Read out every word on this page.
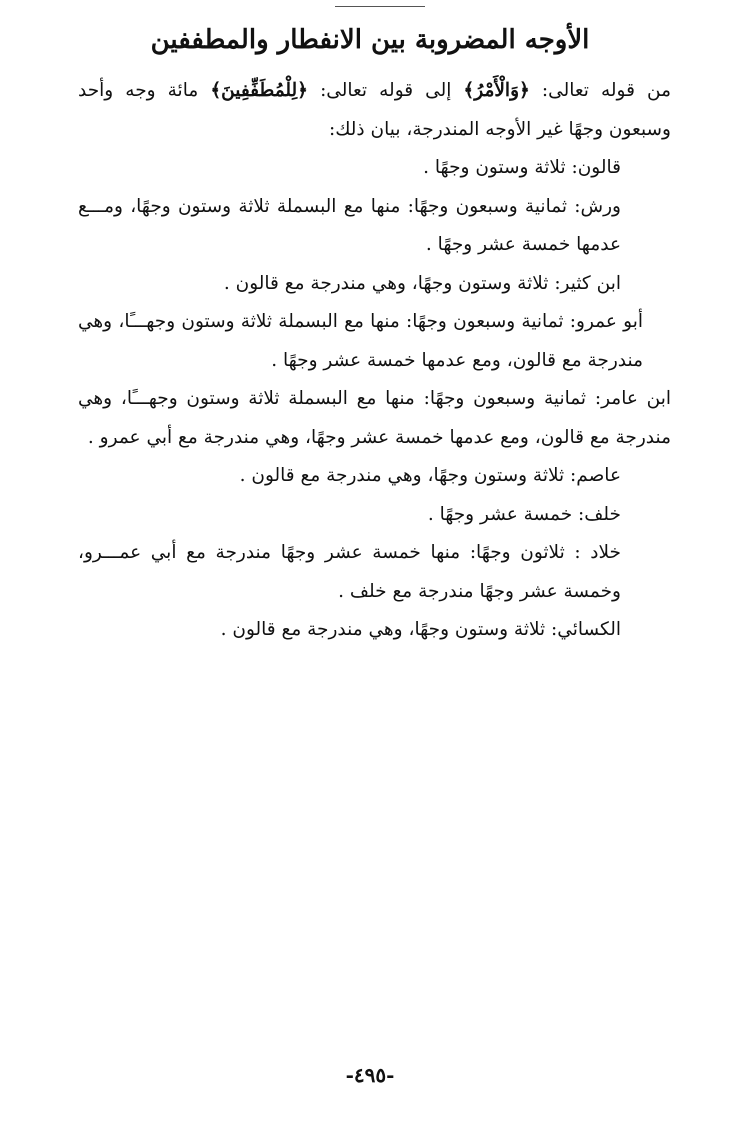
الأوجه المضروبة بين الانفطار والمطففين

من قوله تعالى: ﴿وَالْأَمْرُ﴾ إلى قوله تعالى: ﴿لِلْمُطَفِّفِينَ﴾ مائة وجه وأحد وسبعون وجهًا غير الأوجه المندرجة، بيان ذلك:

قالون: ثلاثة وستون وجهًا .

ورش: ثمانية وسبعون وجهًا: منها مع البسملة ثلاثة وستون وجهًا، ومـــع عدمها خمسة عشر وجهًا .

ابن كثير: ثلاثة وستون وجهًا، وهي مندرجة مع قالون .

أبو عمرو: ثمانية وسبعون وجهًا: منها مع البسملة ثلاثة وستون وجهـــًا، وهي مندرجة مع قالون، ومع عدمها خمسة عشر وجهًا .

ابن عامر: ثمانية وسبعون وجهًا: منها مع البسملة ثلاثة وستون وجهـــًا، وهي مندرجة مع قالون، ومع عدمها خمسة عشر وجهًا، وهي مندرجة مع أبي عمرو .

عاصم: ثلاثة وستون وجهًا، وهي مندرجة مع قالون .

خلف: خمسة عشر وجهًا .

خلاد : ثلاثون وجهًا: منها خمسة عشر وجهًا مندرجة مع أبي عمـــرو، وخمسة عشر وجهًا مندرجة مع خلف .

الكسائي: ثلاثة وستون وجهًا، وهي مندرجة مع قالون .

-٤٩٥-
